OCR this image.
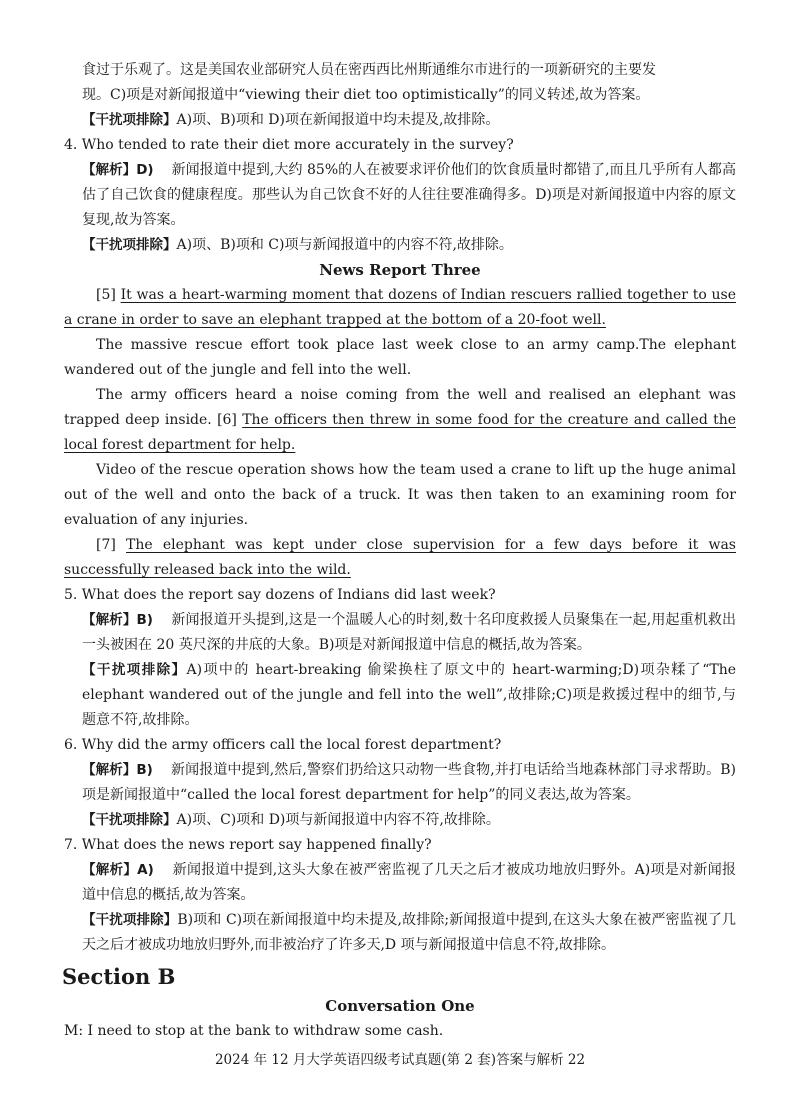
食过于乐观了。这是美国农业部研究人员在密西西比州斯通维尔市进行的一项新研究的主要发

现。C)项是对新闻报道中“viewing their diet too optimistically”的同义转述,故为答案。

【干扰项排除】A)项、B)项和 D)项在新闻报道中均未提及,故排除。

4. Who tended to rate their diet more accurately in the survey?

【解析】D) 新闻报道中提到,大约 85%的人在被要求评价他们的饮食质量时都错了,而且几乎所有人都高估了自己饮食的健康程度。那些认为自己饮食不好的人往往要准确得多。D)项是对新闻报道中内容的原文复现,故为答案。

【干扰项排除】A)项、B)项和 C)项与新闻报道中的内容不符,故排除。

News Report Three

[5] It was a heart-warming moment that dozens of Indian rescuers rallied together to use a crane in order to save an elephant trapped at the bottom of a 20-foot well.

The massive rescue effort took place last week close to an army camp.The elephant wandered out of the jungle and fell into the well.

The army officers heard a noise coming from the well and realised an elephant was trapped deep inside. [6] The officers then threw in some food for the creature and called the local forest department for help.

Video of the rescue operation shows how the team used a crane to lift up the huge animal out of the well and onto the back of a truck. It was then taken to an examining room for evaluation of any injuries.

[7] The elephant was kept under close supervision for a few days before it was successfully released back into the wild.

5. What does the report say dozens of Indians did last week?

【解析】B) 新闻报道开头提到,这是一个温暖人心的时刻,数十名印度救援人员聚集在一起,用起重机救出一头被困在 20 英尺深的井底的大象。B)项是对新闻报道中信息的概括,故为答案。

【干扰项排除】A)项中的 heart-breaking 偷梁换柱了原文中的 heart-warming;D)项杂糅了“The elephant wandered out of the jungle and fell into the well”,故排除;C)项是救援过程中的细节,与题意不符,故排除。

6. Why did the army officers call the local forest department?

【解析】B) 新闻报道中提到,然后,警察们扔给这只动物一些食物,并打电话给当地森林部门寻求帮助。B)项是新闻报道中“called the local forest department for help”的同义表达,故为答案。

【干扰项排除】A)项、C)项和 D)项与新闻报道中内容不符,故排除。

7. What does the news report say happened finally?

【解析】A) 新闻报道中提到,这头大象在被严密监视了几天之后才被成功地放归野外。A)项是对新闻报道中信息的概括,故为答案。

【干扰项排除】B)项和 C)项在新闻报道中均未提及,故排除;新闻报道中提到,在这头大象在被严密监视了几天之后才被成功地放归野外,而非被治疗了许多天,D 项与新闻报道中信息不符,故排除。

Section B

Conversation One

M: I need to stop at the bank to withdraw some cash.

2024 年 12 月大学英语四级考试真题(第 2 套)答案与解析 22
